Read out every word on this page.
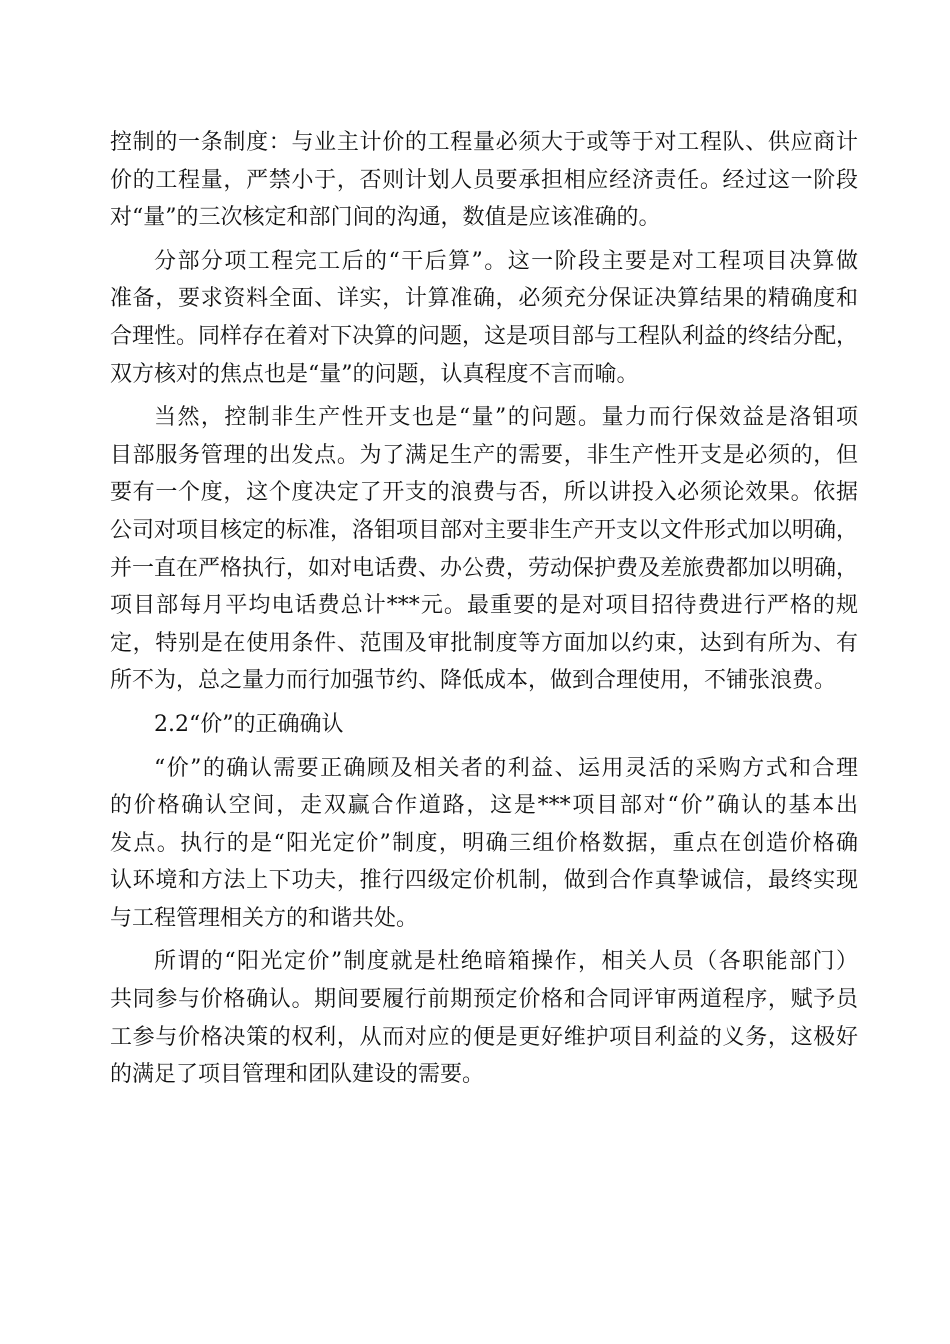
控制的一条制度：与业主计价的工程量必须大于或等于对工程队、供应商计
价的工程量，严禁小于，否则计划人员要承担相应经济责任。经过这一阶段
对“量”的三次核定和部门间的沟通，数值是应该准确的。
分部分项工程完工后的“干后算”。这一阶段主要是对工程项目决算做
准备，要求资料全面、详实，计算准确，必须充分保证决算结果的精确度和
合理性。同样存在着对下决算的问题，这是项目部与工程队利益的终结分配，
双方核对的焦点也是“量”的问题，认真程度不言而喻。
当然，控制非生产性开支也是“量”的问题。量力而行保效益是洛钼项
目部服务管理的出发点。为了满足生产的需要，非生产性开支是必须的，但
要有一个度，这个度决定了开支的浪费与否，所以讲投入必须论效果。依据
公司对项目核定的标准，洛钼项目部对主要非生产开支以文件形式加以明确，
并一直在严格执行，如对电话费、办公费，劳动保护费及差旅费都加以明确，
项目部每月平均电话费总计***元。最重要的是对项目招待费进行严格的规
定，特别是在使用条件、范围及审批制度等方面加以约束，达到有所为、有
所不为，总之量力而行加强节约、降低成本，做到合理使用，不铺张浪费。
2.2“价”的正确确认
“价”的确认需要正确顾及相关者的利益、运用灵活的采购方式和合理
的价格确认空间，走双赢合作道路，这是***项目部对“价”确认的基本出
发点。执行的是“阳光定价”制度，明确三组价格数据，重点在创造价格确
认环境和方法上下功夫，推行四级定价机制，做到合作真挚诚信，最终实现
与工程管理相关方的和谐共处。
所谓的“阳光定价”制度就是杜绝暗箱操作，相关人员（各职能部门）
共同参与价格确认。期间要履行前期预定价格和合同评审两道程序，赋予员
工参与价格决策的权利，从而对应的便是更好维护项目利益的义务，这极好
的满足了项目管理和团队建设的需要。
